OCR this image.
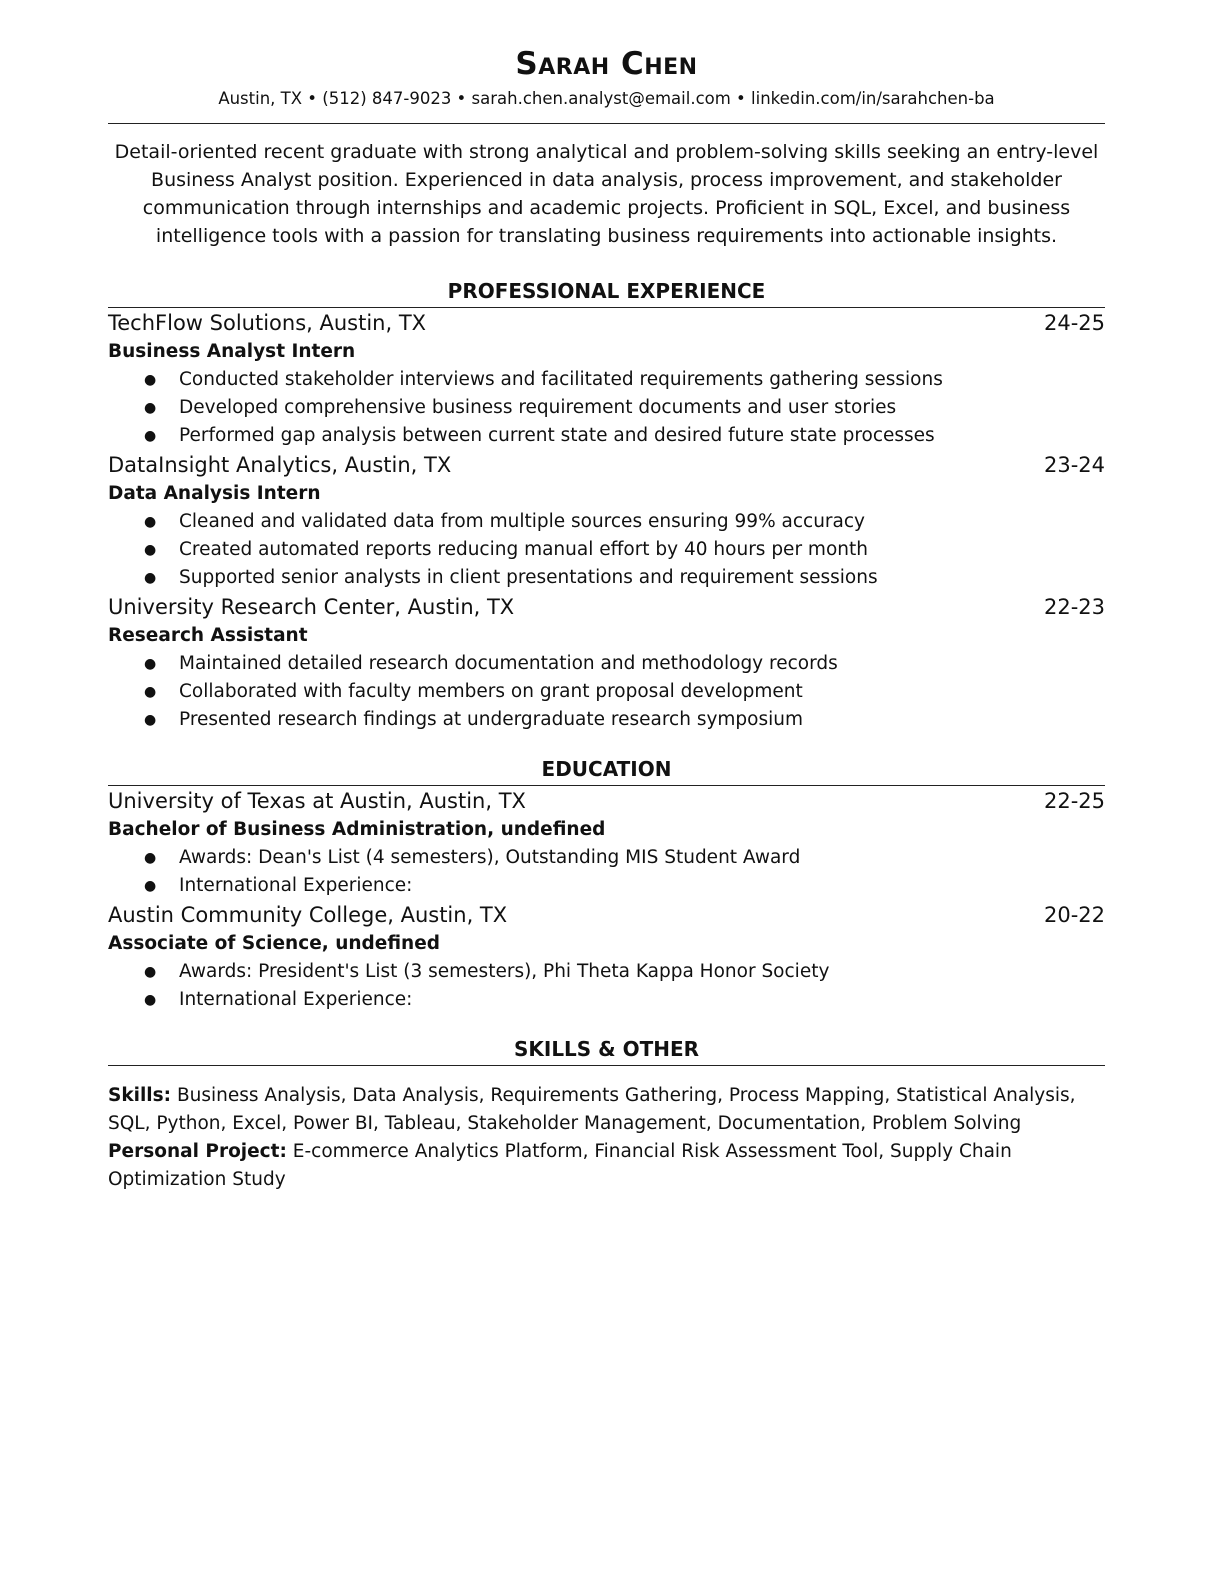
Sarah Chen
Austin, TX • (512) 847-9023 • sarah.chen.analyst@email.com • linkedin.com/in/sarahchen-ba
Detail-oriented recent graduate with strong analytical and problem-solving skills seeking an entry-level Business Analyst position. Experienced in data analysis, process improvement, and stakeholder communication through internships and academic projects. Proficient in SQL, Excel, and business intelligence tools with a passion for translating business requirements into actionable insights.
PROFESSIONAL EXPERIENCE
TechFlow Solutions, Austin, TX	24-25
Business Analyst Intern
● Conducted stakeholder interviews and facilitated requirements gathering sessions
● Developed comprehensive business requirement documents and user stories
● Performed gap analysis between current state and desired future state processes
DataInsight Analytics, Austin, TX	23-24
Data Analysis Intern
● Cleaned and validated data from multiple sources ensuring 99% accuracy
● Created automated reports reducing manual effort by 40 hours per month
● Supported senior analysts in client presentations and requirement sessions
University Research Center, Austin, TX	22-23
Research Assistant
● Maintained detailed research documentation and methodology records
● Collaborated with faculty members on grant proposal development
● Presented research findings at undergraduate research symposium
EDUCATION
University of Texas at Austin, Austin, TX	22-25
Bachelor of Business Administration, undefined
● Awards: Dean's List (4 semesters), Outstanding MIS Student Award
● International Experience:
Austin Community College, Austin, TX	20-22
Associate of Science, undefined
● Awards: President's List (3 semesters), Phi Theta Kappa Honor Society
● International Experience:
SKILLS & OTHER
Skills: Business Analysis, Data Analysis, Requirements Gathering, Process Mapping, Statistical Analysis, SQL, Python, Excel, Power BI, Tableau, Stakeholder Management, Documentation, Problem Solving
Personal Project: E-commerce Analytics Platform, Financial Risk Assessment Tool, Supply Chain Optimization Study
